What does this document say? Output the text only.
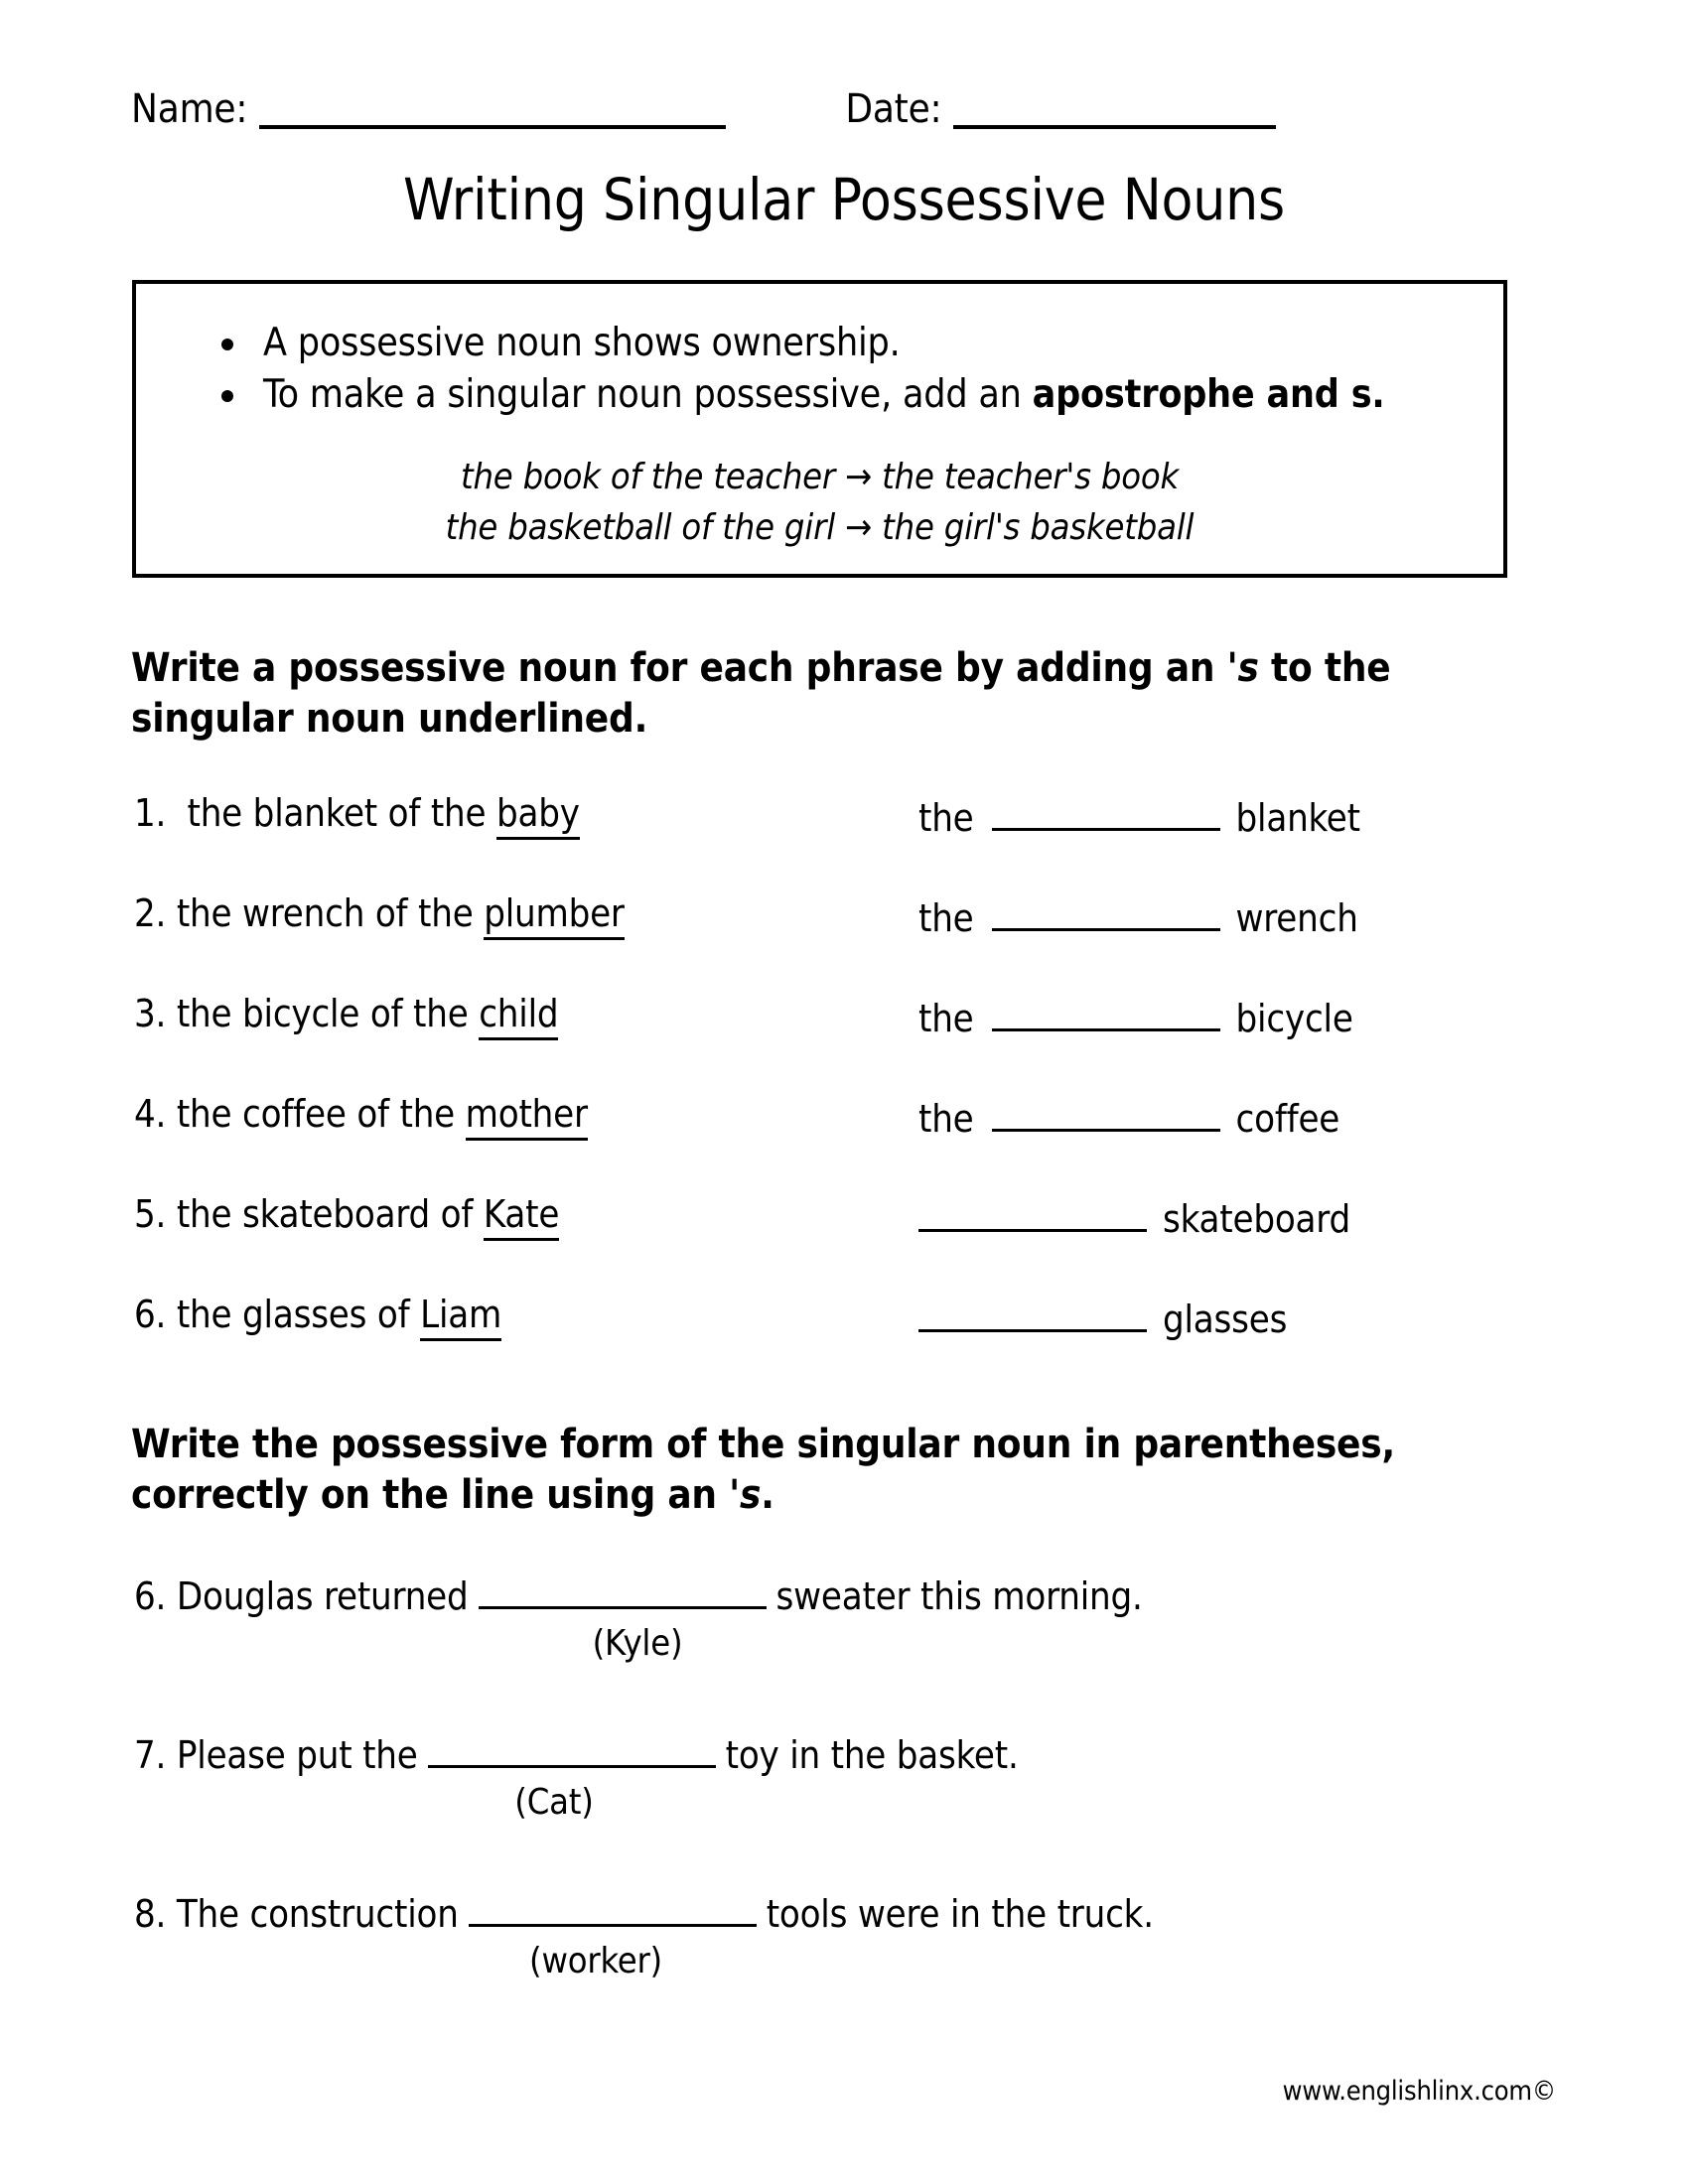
Name:	Date:
Writing Singular Possessive Nouns
A possessive noun shows ownership.
To make a singular noun possessive, add an apostrophe and s.
the book of the teacher → the teacher's book
the basketball of the girl → the girl's basketball
Write a possessive noun for each phrase by adding an 's to the singular noun underlined.
1. the blanket of the baby	the	blanket
2. the wrench of the plumber	the	wrench
3. the bicycle of the child	the	bicycle
4. the coffee of the mother	the	coffee
5. the skateboard of Kate	skateboard
6. the glasses of Liam	glasses
Write the possessive form of the singular noun in parentheses, correctly on the line using an 's.
6.
Douglas returned	sweater this morning.
(Kyle)
7.
Please put the	toy in the basket.
(Cat)
8.
The construction	tools were in the truck.
(worker)
www.englishlinx.com©
